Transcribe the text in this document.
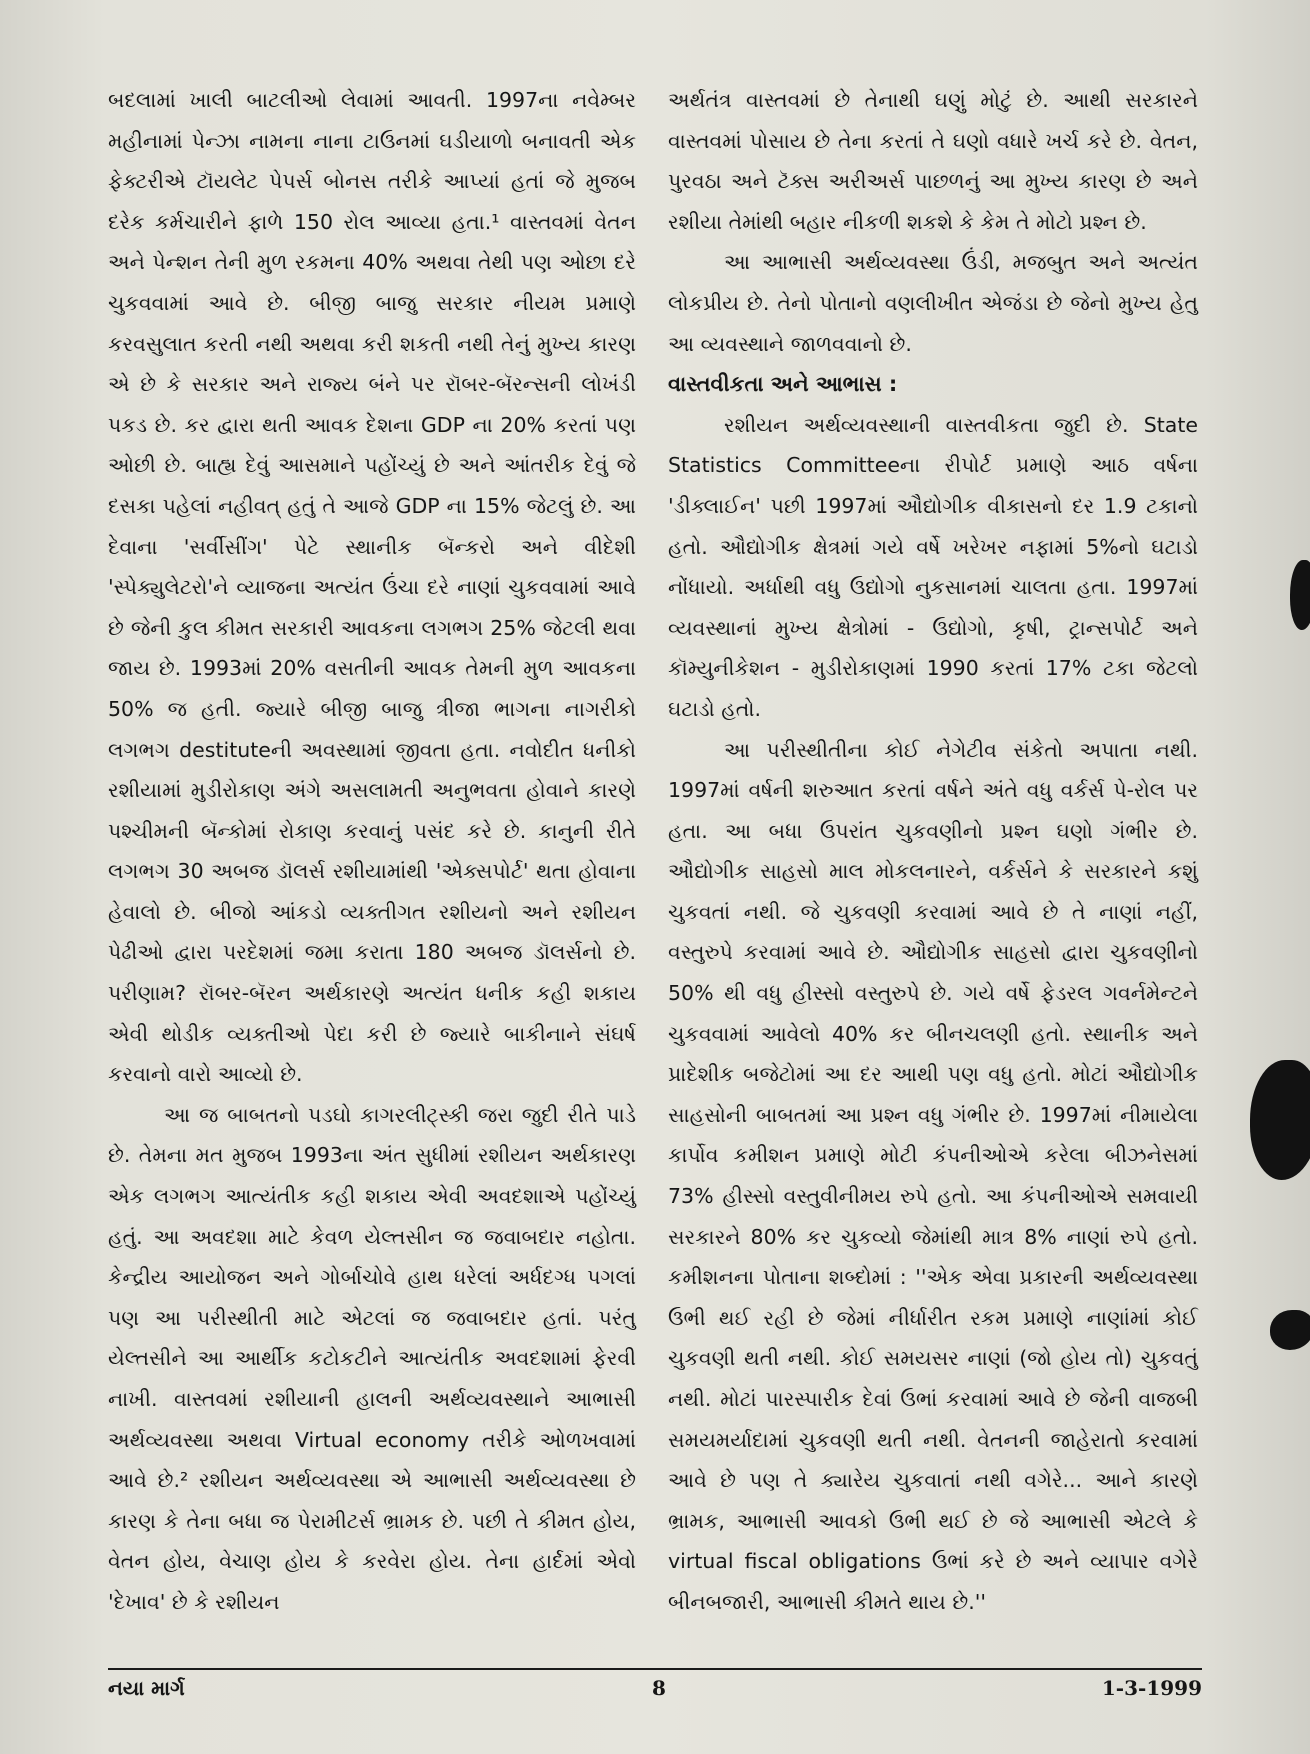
બદલામાં ખાલી બાટલીઓ લેવામાં આવતી. 1997ના નવેમ્બર મહીનામાં પેન્ઝા નામના નાના ટાઉનમાં ઘડીયાળો બનાવતી એક ફેક્ટરીએ ટૉયલેટ પેપર્સ બોનસ તરીકે આપ્યાં હતાં જે મુજબ દરેક કર્મચારીને ફાળે 150 રોલ આવ્યા હતા.¹ વાસ્તવમાં વેતન અને પેન્શન તેની મુળ રકમના 40% અથવા તેથી પણ ઓછા દરે ચુકવવામાં આવે છે. બીજી બાજુ સરકાર નીયમ પ્રમાણે કરવસુલાત કરતી નથી અથવા કરી શકતી નથી તેનું મુખ્ય કારણ એ છે કે સરકાર અને રાજ્ય બંને પર રૉબર-બૅરન્સની લોખંડી પકડ છે. કર દ્વારા થતી આવક દેશના GDP ના 20% કરતાં પણ ઓછી છે. બાહ્ય દેવું આસમાને પહોંચ્યું છે અને આંતરીક દેવું જે દસકા પહેલાં નહીવત્ હતું તે આજે GDP ના 15% જેટલું છે. આ દેવાના 'સર્વીસીંગ' પેટે સ્થાનીક બૅન્કરો અને વીદેશી 'સ્પેક્યુલેટરો'ને વ્યાજના અત્યંત ઉંચા દરે નાણાં ચુકવવામાં આવે છે જેની કુલ કીમત સરકારી આવકના લગભગ 25% જેટલી થવા જાય છે. 1993માં 20% વસતીની આવક તેમની મુળ આવકના 50% જ હતી. જ્યારે બીજી બાજુ ત્રીજા ભાગના નાગરીકો લગભગ destituteની અવસ્થામાં જીવતા હતા. નવોદીત ધનીકો રશીયામાં મુડીરોકાણ અંગે અસલામતી અનુભવતા હોવાને કારણે પશ્ચીમની બૅન્કોમાં રોકાણ કરવાનું પસંદ કરે છે. કાનુની રીતે લગભગ 30 અબજ ડૉલર્સ રશીયામાંથી 'એક્સપોર્ટ' થતા હોવાના હેવાલો છે. બીજો આંકડો વ્યક્તીગત રશીયનો અને રશીયન પેઢીઓ દ્વારા પરદેશમાં જમા કરાતા 180 અબજ ડૉલર્સનો છે. પરીણામ? રૉબર-બૅરન અર્થકારણે અત્યંત ધનીક કહી શકાય એવી થોડીક વ્યક્તીઓ પેદા કરી છે જ્યારે બાકીનાને સંઘર્ષ કરવાનો વારો આવ્યો છે.

આ જ બાબતનો પડઘો કાગરલીટ્સ્કી જરા જુદી રીતે પાડે છે. તેમના મત મુજબ 1993ના અંત સુધીમાં રશીયન અર્થકારણ એક લગભગ આત્યંતીક કહી શકાય એવી અવદશાએ પહોંચ્યું હતું. આ અવદશા માટે કેવળ યેલ્તસીન જ જવાબદાર નહોતા. કેન્દ્રીય આયોજન અને ગોર્બાચોવે હાથ ધરેલાં અર્ધદગ્ધ પગલાં પણ આ પરીસ્થીતી માટે એટલાં જ જવાબદાર હતાં. પરંતુ યેલ્તસીને આ આર્થીક કટોકટીને આત્યંતીક અવદશામાં ફેરવી નાખી. વાસ્તવમાં રશીયાની હાલની અર્થવ્યવસ્થાને આભાસી અર્થવ્યવસ્થા અથવા Virtual economy તરીકે ઓળખવામાં આવે છે.² રશીયન અર્થવ્યવસ્થા એ આભાસી અર્થવ્યવસ્થા છે કારણ કે તેના બધા જ પેરામીટર્સ ભ્રામક છે. પછી તે કીમત હોય, વેતન હોય, વેચાણ હોય કે કરવેરા હોય. તેના હાર્દમાં એવો 'દેખાવ' છે કે રશીયન

અર્થતંત્ર વાસ્તવમાં છે તેનાથી ઘણું મોટું છે. આથી સરકારને વાસ્તવમાં પોસાય છે તેના કરતાં તે ઘણો વધારે ખર્ચ કરે છે. વેતન, પુરવઠા અને ટૅક્સ અરીઅર્સ પાછળનું આ મુખ્ય કારણ છે અને રશીયા તેમાંથી બહાર નીકળી શકશે કે કેમ તે મોટો પ્રશ્ન છે.

આ આભાસી અર્થવ્યવસ્થા ઉંડી, મજબુત અને અત્યંત લોકપ્રીય છે. તેનો પોતાનો વણલીખીત એજંડા છે જેનો મુખ્ય હેતુ આ વ્યવસ્થાને જાળવવાનો છે.

વાસ્તવીકતા અને આભાસ :

રશીયન અર્થવ્યવસ્થાની વાસ્તવીકતા જુદી છે. State Statistics Committeeના રીપોર્ટ પ્રમાણે આઠ વર્ષના 'ડીક્લાઈન' પછી 1997માં ઔદ્યોગીક વીકાસનો દર 1.9 ટકાનો હતો. ઔદ્યોગીક ક્ષેત્રમાં ગયે વર્ષે ખરેખર નફામાં 5%નો ઘટાડો નોંધાયો. અર્ધાથી વધુ ઉદ્યોગો નુકસાનમાં ચાલતા હતા. 1997માં વ્યવસ્થાનાં મુખ્ય ક્ષેત્રોમાં - ઉદ્યોગો, કૃષી, ટ્રાન્સપોર્ટ અને કૉમ્યુનીકેશન - મુડીરોકાણમાં 1990 કરતાં 17% ટકા જેટલો ઘટાડો હતો.

આ પરીસ્થીતીના કોઈ નેગેટીવ સંકેતો અપાતા નથી. 1997માં વર્ષની શરુઆત કરતાં વર્ષને અંતે વધુ વર્કર્સ પે-રોલ પર હતા. આ બધા ઉપરાંત ચુકવણીનો પ્રશ્ન ઘણો ગંભીર છે. ઔદ્યોગીક સાહસો માલ મોકલનારને, વર્કર્સને કે સરકારને કશું ચુકવતાં નથી. જે ચુકવણી કરવામાં આવે છે તે નાણાં નહીં, વસ્તુરુપે કરવામાં આવે છે. ઔદ્યોગીક સાહસો દ્વારા ચુકવણીનો 50% થી વધુ હીસ્સો વસ્તુરુપે છે. ગયે વર્ષે ફેડરલ ગવર્નમેન્ટને ચુકવવામાં આવેલો 40% કર બીનચલણી હતો. સ્થાનીક અને પ્રાદેશીક બજેટોમાં આ દર આથી પણ વધુ હતો. મોટાં ઔદ્યોગીક સાહસોની બાબતમાં આ પ્રશ્ન વધુ ગંભીર છે. 1997માં નીમાયેલા કાર્પોવ કમીશન પ્રમાણે મોટી કંપનીઓએ કરેલા બીઝનેસમાં 73% હીસ્સો વસ્તુવીનીમય રુપે હતો. આ કંપનીઓએ સમવાયી સરકારને 80% કર ચુકવ્યો જેમાંથી માત્ર 8% નાણાં રુપે હતો. કમીશનના પોતાના શબ્દોમાં : ''એક એવા પ્રકારની અર્થવ્યવસ્થા ઉભી થઈ રહી છે જેમાં નીર્ધારીત રકમ પ્રમાણે નાણાંમાં કોઈ ચુકવણી થતી નથી. કોઈ સમયસર નાણાં (જો હોય તો) ચુકવતું નથી. મોટાં પારસ્પારીક દેવાં ઉભાં કરવામાં આવે છે જેની વાજબી સમયમર્યાદામાં ચુકવણી થતી નથી. વેતનની જાહેરાતો કરવામાં આવે છે પણ તે ક્યારેય ચુકવાતાં નથી વગેરે... આને કારણે ભ્રામક, આભાસી આવકો ઉભી થઈ છે જે આભાસી એટલે કે virtual fiscal obligations ઉભાં કરે છે અને વ્યાપાર વગેરે બીનબજારી, આભાસી કીમતે થાય છે.''

નયા માર્ગ	8	1-3-1999
